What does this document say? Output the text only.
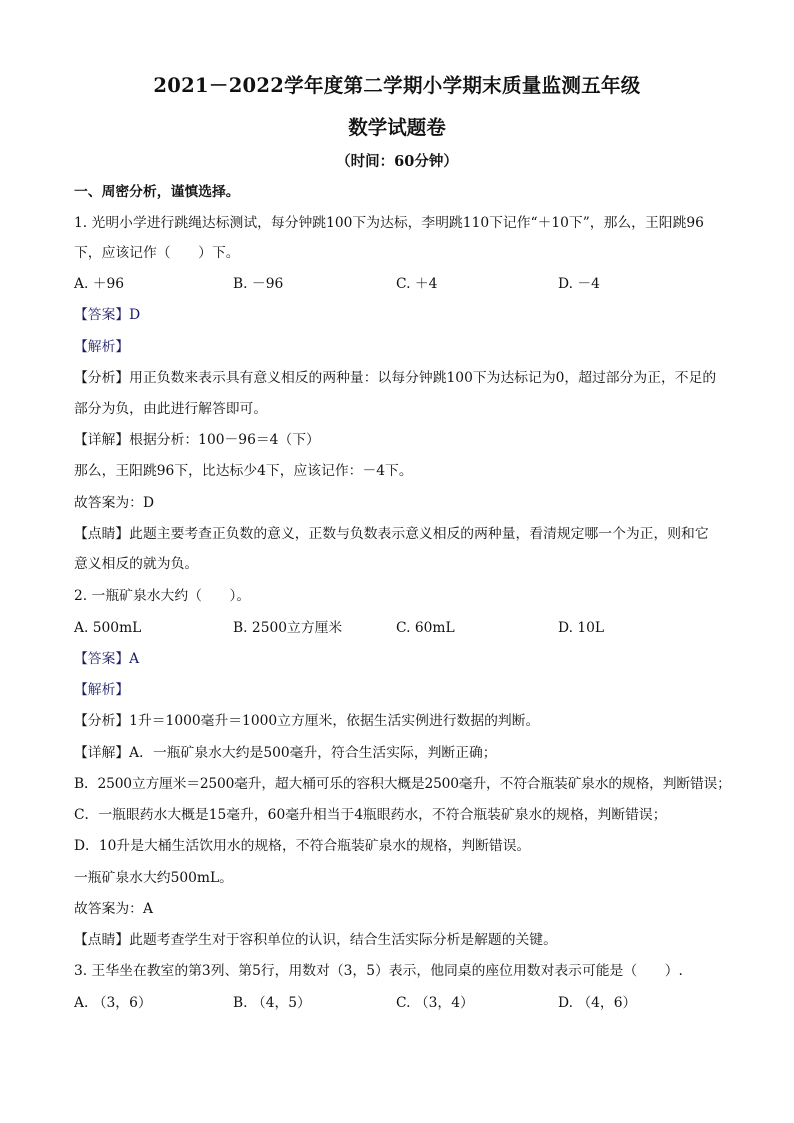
2021－2022学年度第二学期小学期末质量监测五年级
数学试题卷
（时间：60分钟）
一、周密分析，谨慎选择。
1. 光明小学进行跳绳达标测试，每分钟跳100下为达标，李明跳110下记作“＋10下”，那么，王阳跳96
下，应该记作（　　）下。
A. ＋96	B. －96	C. ＋4	D. －4
【答案】D
【解析】
【分析】用正负数来表示具有意义相反的两种量：以每分钟跳100下为达标记为0，超过部分为正，不足的
部分为负，由此进行解答即可。
【详解】根据分析：100－96＝4（下）
那么，王阳跳96下，比达标少4下，应该记作：－4下。
故答案为：D
【点睛】此题主要考查正负数的意义，正数与负数表示意义相反的两种量，看清规定哪一个为正，则和它
意义相反的就为负。
2. 一瓶矿泉水大约（　　）。
A. 500mL	B. 2500立方厘米	C. 60mL	D. 10L
【答案】A
【解析】
【分析】1升＝1000毫升＝1000立方厘米，依据生活实例进行数据的判断。
【详解】A．一瓶矿泉水大约是500毫升，符合生活实际，判断正确；
B．2500立方厘米＝2500毫升，超大桶可乐的容积大概是2500毫升，不符合瓶装矿泉水的规格，判断错误；
C．一瓶眼药水大概是15毫升，60毫升相当于4瓶眼药水，不符合瓶装矿泉水的规格，判断错误；
D．10升是大桶生活饮用水的规格，不符合瓶装矿泉水的规格，判断错误。
一瓶矿泉水大约500mL。
故答案为：A
【点睛】此题考查学生对于容积单位的认识，结合生活实际分析是解题的关键。
3. 王华坐在教室的第3列、第5行，用数对（3，5）表示，他同桌的座位用数对表示可能是（　　）.
A. （3，6）	B. （4，5）	C. （3，4）	D. （4，6）
